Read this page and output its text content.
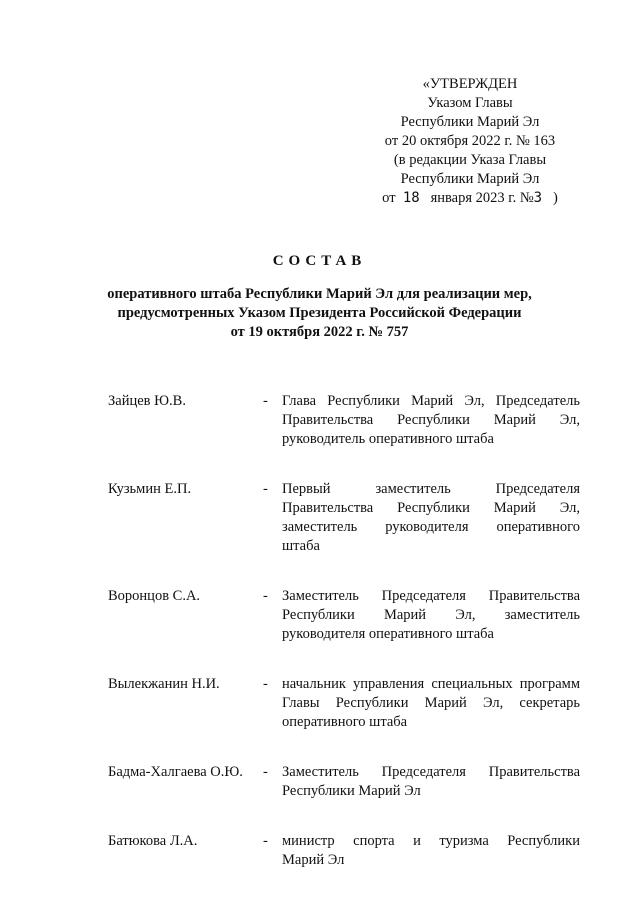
«УТВЕРЖДЕН
Указом Главы
Республики Марий Эл
от 20 октября 2022 г. № 163
(в редакции Указа Главы
Республики Марий Эл
от 18 января 2023 г. №3 )
СОСТАВ
оперативного штаба Республики Марий Эл для реализации мер,
предусмотренных Указом Президента Российской Федерации
от 19 октября 2022 г. № 757
Зайцев Ю.В.	- Глава Республики Марий Эл, Председатель
Правительства Республики Марий Эл,
руководитель оперативного штаба
Кузьмин Е.П.	- Первый заместитель Председателя
Правительства Республики Марий Эл,
заместитель руководителя оперативного
штаба
Воронцов С.А.	- Заместитель Председателя Правительства
Республики Марий Эл, заместитель
руководителя оперативного штаба
Вылекжанин Н.И.	- начальник управления специальных программ
Главы Республики Марий Эл, секретарь
оперативного штаба
Бадма-Халгаева О.Ю. - Заместитель Председателя Правительства
Республики Марий Эл
Батюкова Л.А.	- министр спорта и туризма Республики
Марий Эл
